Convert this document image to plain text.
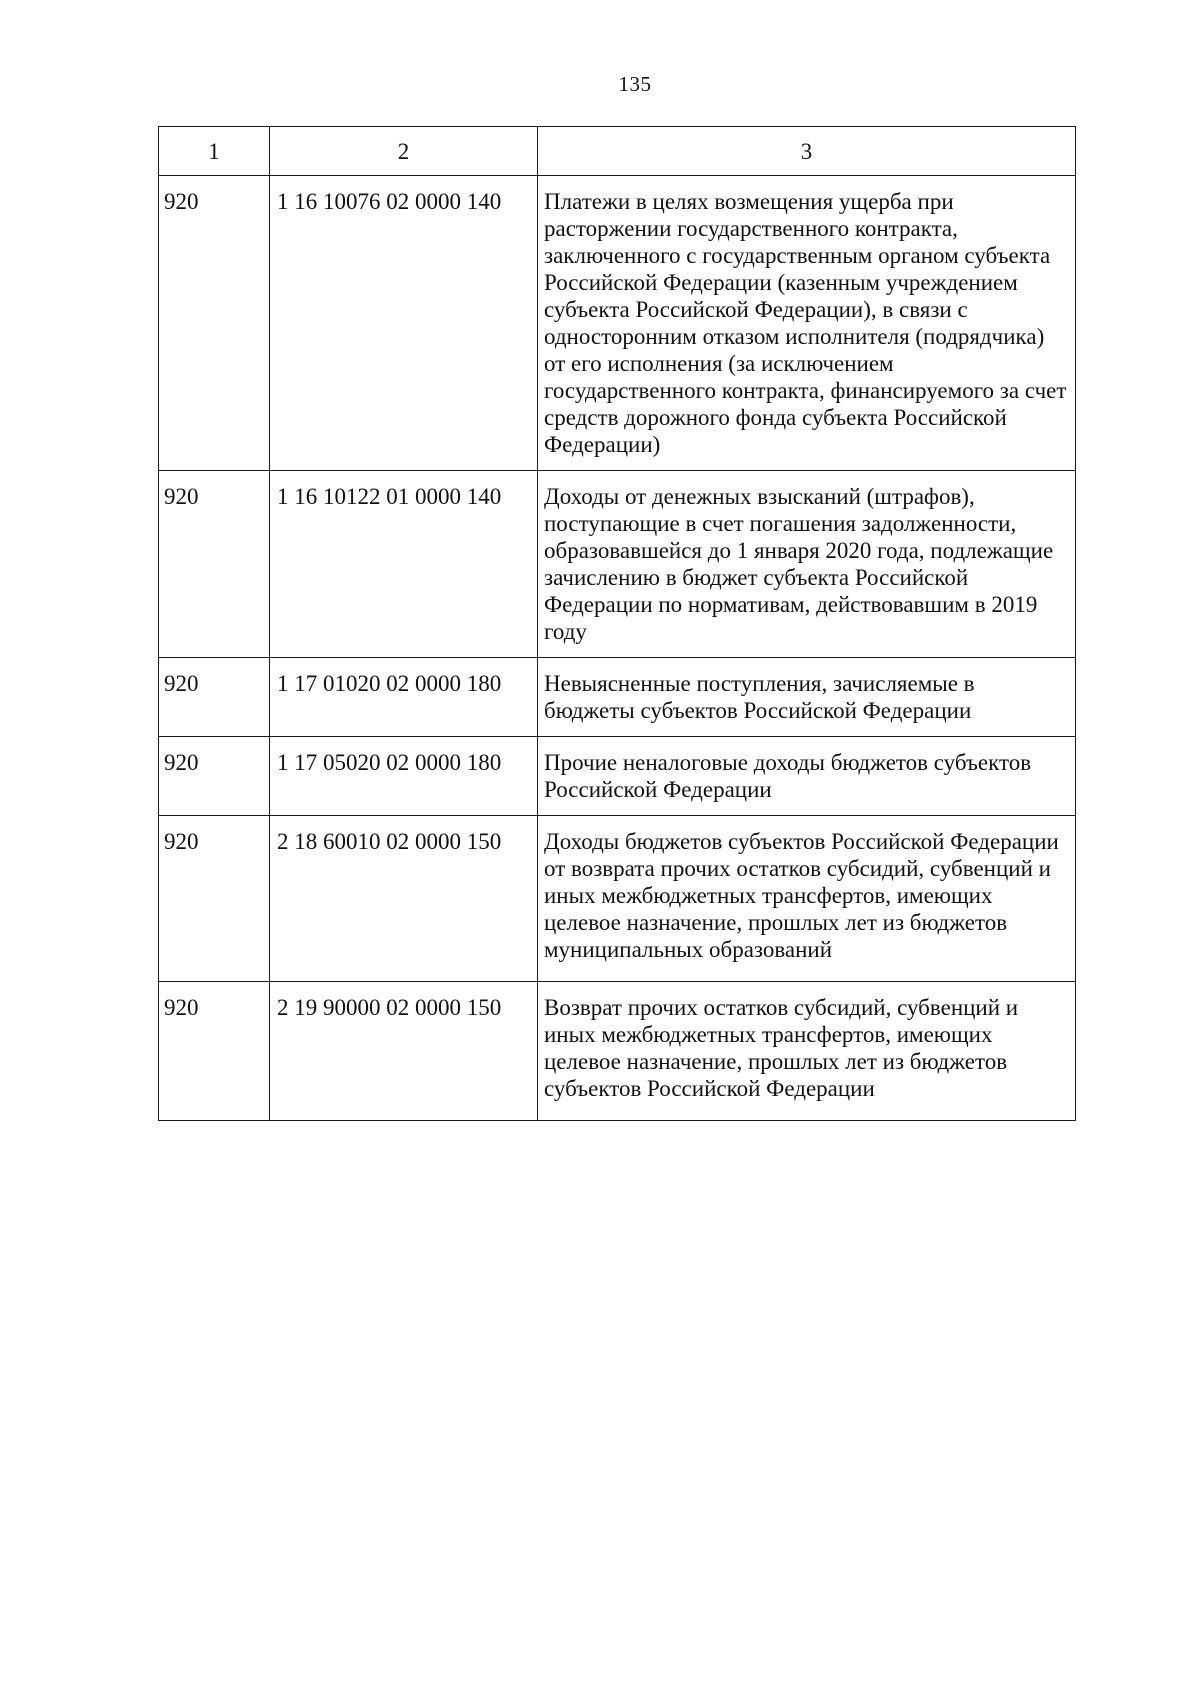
135
1	2	3
920	1 16 10076 02 0000 140	Платежи в целях возмещения ущерба при расторжении государственного контракта, заключенного с государственным органом субъекта Российской Федерации (казенным учреждением субъекта Российской Федерации), в связи с односторонним отказом исполнителя (подрядчика) от его исполнения (за исключением государственного контракта, финансируемого за счет средств дорожного фонда субъекта Российской Федерации)
920	1 16 10122 01 0000 140	Доходы от денежных взысканий (штрафов), поступающие в счет погашения задолженности, образовавшейся до 1 января 2020 года, подлежащие зачислению в бюджет субъекта Российской Федерации по нормативам, действовавшим в 2019 году
920	1 17 01020 02 0000 180	Невыясненные поступления, зачисляемые в бюджеты субъектов Российской Федерации
920	1 17 05020 02 0000 180	Прочие неналоговые доходы бюджетов субъектов Российской Федерации
920	2 18 60010 02 0000 150	Доходы бюджетов субъектов Российской Федерации от возврата прочих остатков субсидий, субвенций и иных межбюджетных трансфертов, имеющих целевое назначение, прошлых лет из бюджетов муниципальных образований
920	2 19 90000 02 0000 150	Возврат прочих остатков субсидий, субвенций и иных межбюджетных трансфертов, имеющих целевое назначение, прошлых лет из бюджетов субъектов Российской Федерации
